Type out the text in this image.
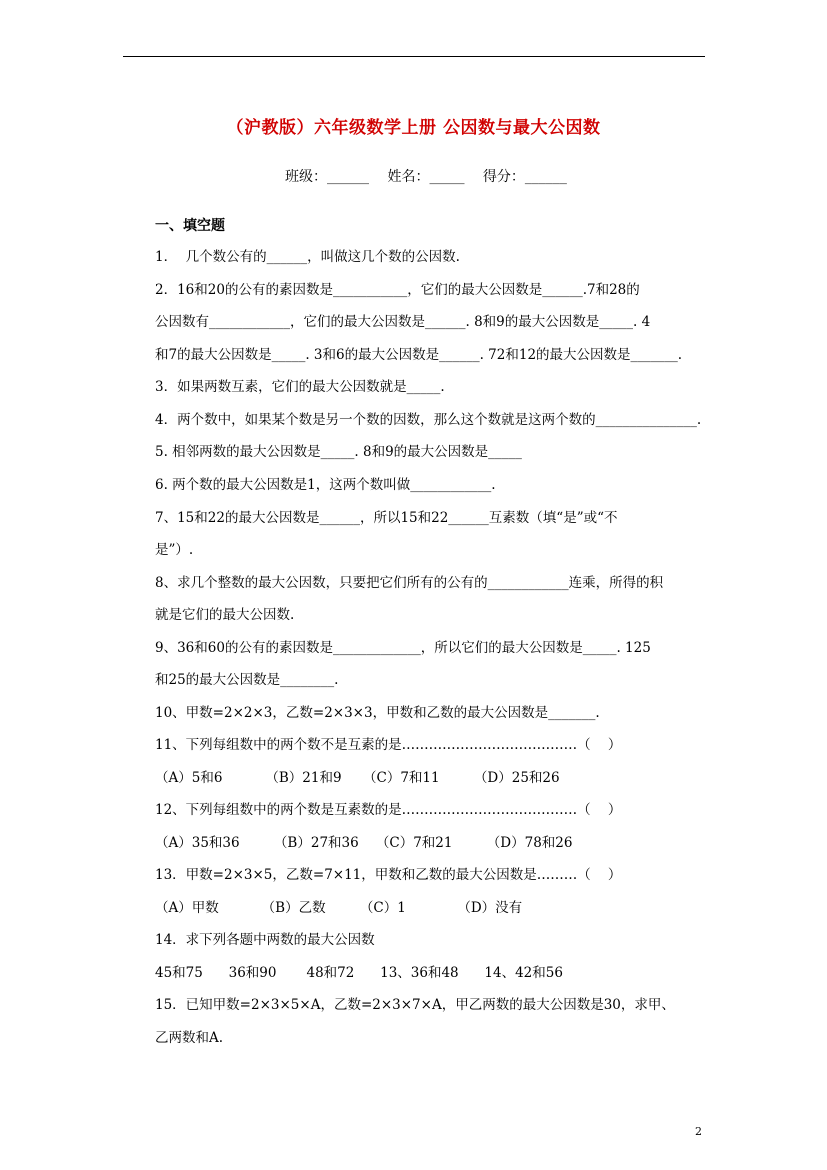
（沪教版）六年级数学上册 公因数与最大公因数
班级：______ 姓名：_____ 得分：______
一、填空题
1．  几个数公有的______，叫做这几个数的公因数.
2．16和20的公有的素因数是___________，它们的最大公因数是______.7和28的
公因数有____________，它们的最大公因数是______. 8和9的最大公因数是_____. 4
和7的最大公因数是_____. 3和6的最大公因数是______. 72和12的最大公因数是_______.
3．如果两数互素，它们的最大公因数就是_____.
4．两个数中，如果某个数是另一个数的因数，那么这个数就是这两个数的_______________.
5. 相邻两数的最大公因数是_____. 8和9的最大公因数是_____
6. 两个数的最大公因数是1，这两个数叫做____________.
7、15和22的最大公因数是______，所以15和22______互素数（填“是”或“不
是”）.
8、求几个整数的最大公因数，只要把它们所有的公有的____________连乘，所得的积
就是它们的最大公因数.
9、36和60的公有的素因数是_____________，所以它们的最大公因数是_____. 125
和25的最大公因数是________.
10、甲数=2×2×3，乙数=2×3×3，甲数和乙数的最大公因数是_______.
11、下列每组数中的两个数不是互素的是…………………………………（    ）
（A）5和6          （B）21和9     （C）7和11        （D）25和26
12、下列每组数中的两个数是互素数的是…………………………………（    ）
（A）35和36        （B）27和36    （C）7和21        （D）78和26
13．甲数=2×3×5，乙数=7×11，甲数和乙数的最大公因数是………（    ）
（A）甲数          （B）乙数        （C）1            （D）没有
14．求下列各题中两数的最大公因数
45和75      36和90       48和72      13、36和48      14、42和56
15．已知甲数=2×3×5×A，乙数=2×3×7×A，甲乙两数的最大公因数是30，求甲、
乙两数和A.
2
